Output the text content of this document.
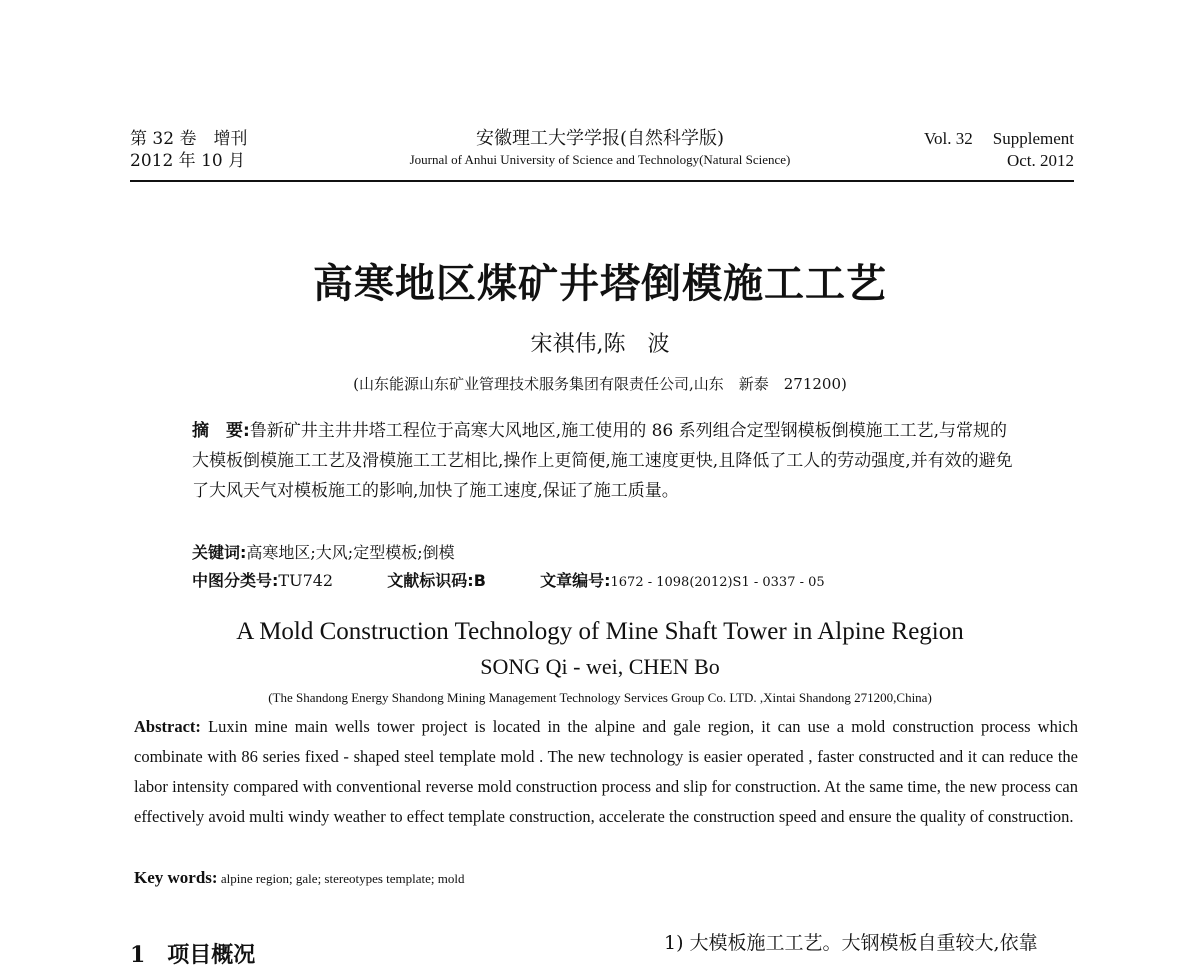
第 32 卷　增刊
2012 年 10 月
安徽理工大学学报(自然科学版)
Journal of Anhui University of Science and Technology(Natural Science)
Vol. 32 Supplement
Oct. 2012
高寒地区煤矿井塔倒模施工工艺
宋祺伟,陈　波
(山东能源山东矿业管理技术服务集团有限责任公司,山东　新泰　271200)
摘　要:鲁新矿井主井井塔工程位于高寒大风地区,施工使用的 86 系列组合定型钢模板倒模施工工艺,与常规的大模板倒模施工工艺及滑模施工工艺相比,操作上更简便,施工速度更快,且降低了工人的劳动强度,并有效的避免了大风天气对模板施工的影响,加快了施工速度,保证了施工质量。
关键词:高寒地区;大风;定型模板;倒模
中图分类号:TU742	文献标识码:B	文章编号:1672 - 1098(2012)S1 - 0337 - 05
A Mold Construction Technology of Mine Shaft Tower in Alpine Region
SONG Qi - wei, CHEN Bo
(The Shandong Energy Shandong Mining Management Technology Services Group Co. LTD. ,Xintai Shandong 271200,China)
Abstract: Luxin mine main wells tower project is located in the alpine and gale region, it can use a mold construction process which combinate with 86 series fixed - shaped steel template mold . The new technology is easier operated , faster constructed and it can reduce the labor intensity compared with conventional reverse mold construction process and slip for construction. At the same time, the new process can effectively avoid multi windy weather to effect template construction, accelerate the construction speed and ensure the quality of construction.
Key words: alpine region; gale; stereotypes template; mold
1　项目概况	1) 大模板施工工艺。大钢模板自重较大,依靠
